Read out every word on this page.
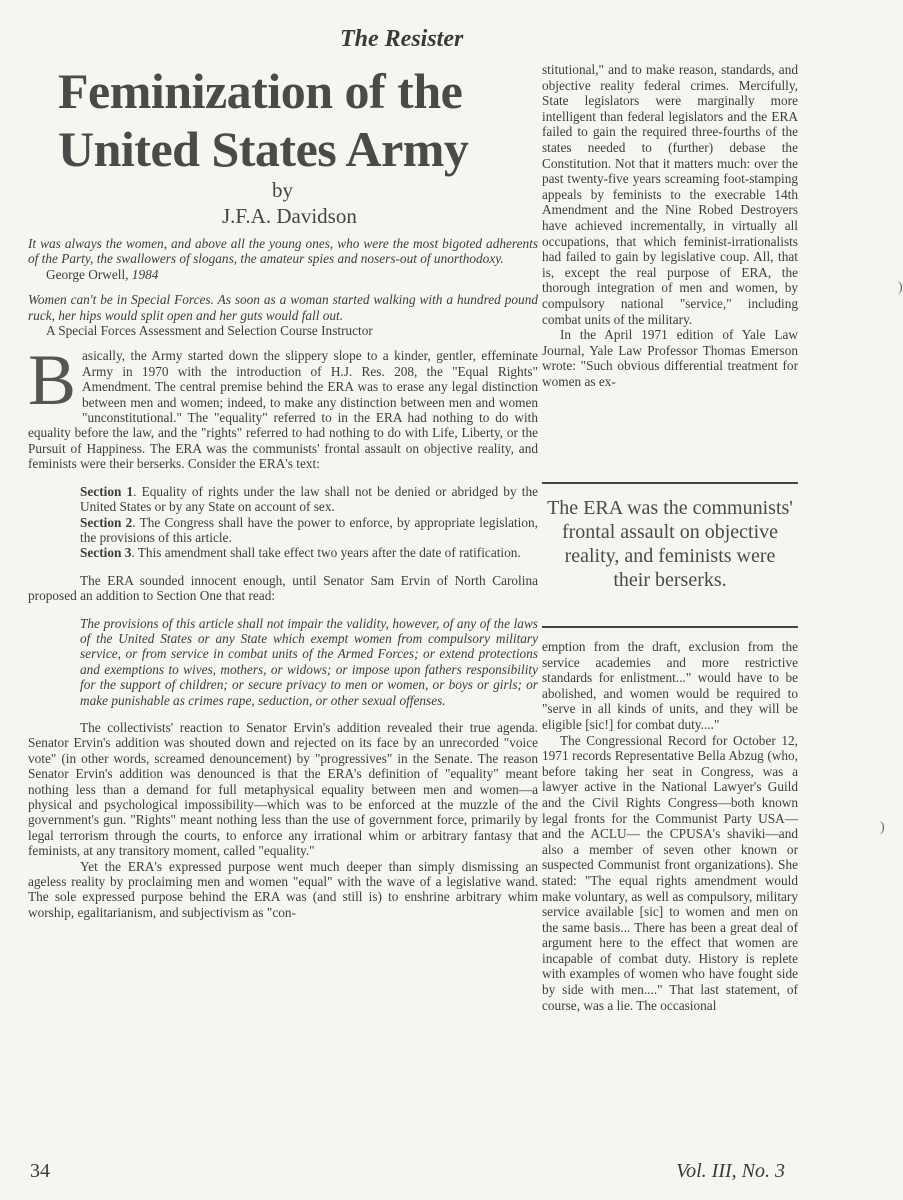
The Resister
Feminization of the United States Army
by
J.F.A. Davidson

It was always the women, and above all the young ones, who were the most bigoted adherents of the Party, the swallowers of slogans, the amateur spies and nosers-out of unorthodoxy.

George Orwell, 1984

Women can't be in Special Forces. As soon as a woman started walking with a hundred pound ruck, her hips would split open and her guts would fall out.

A Special Forces Assessment and Selection Course Instructor

Basically, the Army started down the slippery slope to a kinder, gentler, effeminate Army in 1970 with the introduction of H.J. Res. 208, the "Equal Rights" Amendment. The central premise behind the ERA was to erase any legal distinction between men and women; indeed, to make any distinction between men and women "unconstitutional." The "equality" referred to in the ERA had nothing to do with equality before the law, and the "rights" referred to had nothing to do with Life, Liberty, or the Pursuit of Happiness. The ERA was the communists' frontal assault on objective reality, and feminists were their berserks. Consider the ERA's text:

Section 1. Equality of rights under the law shall not be denied or abridged by the United States or by any State on account of sex.

Section 2. The Congress shall have the power to enforce, by appropriate legislation, the provisions of this article.

Section 3. This amendment shall take effect two years after the date of ratification.

The ERA sounded innocent enough, until Senator Sam Ervin of North Carolina proposed an addition to Section One that read:

The provisions of this article shall not impair the validity, however, of any of the laws of the United States or any State which exempt women from compulsory military service, or from service in combat units of the Armed Forces; or extend protections and exemptions to wives, mothers, or widows; or impose upon fathers responsibility for the support of children; or secure privacy to men or women, or boys or girls; or make punishable as crimes rape, seduction, or other sexual offenses.

The collectivists' reaction to Senator Ervin's addition revealed their true agenda. Senator Ervin's addition was shouted down and rejected on its face by an unrecorded "voice vote" (in other words, screamed denouncement) by "progressives" in the Senate. The reason Senator Ervin's addition was denounced is that the ERA's definition of "equality" meant nothing less than a demand for full metaphysical equality between men and women—a physical and psychological impossibility—which was to be enforced at the muzzle of the government's gun. "Rights" meant nothing less than the use of government force, primarily by legal terrorism through the courts, to enforce any irrational whim or arbitrary fantasy that feminists, at any transitory moment, called "equality."

Yet the ERA's expressed purpose went much deeper than simply dismissing an ageless reality by proclaiming men and women "equal" with the wave of a legislative wand. The sole expressed purpose behind the ERA was (and still is) to enshrine arbitrary whim worship, egalitarianism, and subjectivism as "con-

stitutional," and to make reason, standards, and objective reality federal crimes. Mercifully, State legislators were marginally more intelligent than federal legislators and the ERA failed to gain the required three-fourths of the states needed to (further) debase the Constitution. Not that it matters much: over the past twenty-five years screaming foot-stamping appeals by feminists to the execrable 14th Amendment and the Nine Robed Destroyers have achieved incrementally, in virtually all occupations, that which feminist-irrationalists had failed to gain by legislative coup. All, that is, except the real purpose of ERA, the thorough integration of men and women, by compulsory national "service," including combat units of the military.

In the April 1971 edition of Yale Law Journal, Yale Law Professor Thomas Emerson wrote: "Such obvious differential treatment for women as ex-

The ERA was the communists' frontal assault on objective reality, and feminists were their berserks.

emption from the draft, exclusion from the service academies and more restrictive standards for enlistment..." would have to be abolished, and women would be required to "serve in all kinds of units, and they will be eligible [sic!] for combat duty...."

The Congressional Record for October 12, 1971 records Representative Bella Abzug (who, before taking her seat in Congress, was a lawyer active in the National Lawyer's Guild and the Civil Rights Congress—both known legal fronts for the Communist Party USA—and the ACLU— the CPUSA's shaviki—and also a member of seven other known or suspected Communist front organizations). She stated: "The equal rights amendment would make voluntary, as well as compulsory, military service available [sic] to women and men on the same basis... There has been a great deal of argument here to the effect that women are incapable of combat duty. History is replete with examples of women who have fought side by side with men...." That last statement, of course, was a lie. The occasional

)
)
34	Vol. III, No. 3
